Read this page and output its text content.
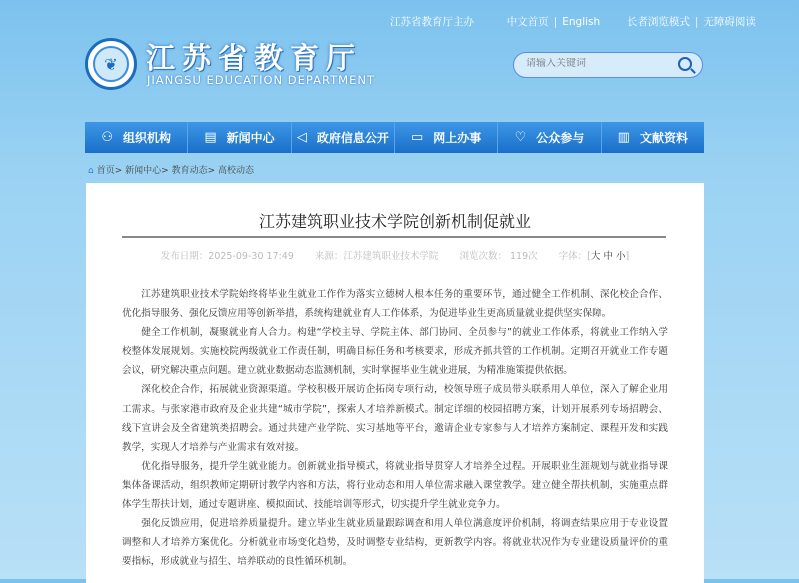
江苏省教育厅主办	中文首页 | English	长者浏览模式 | 无障碍阅读
❦ 江苏省教育厅
JIANGSU EDUCATION DEPARTMENT
请输入关键词
⚇ 组织机构	▤ 新闻中心 ◁ 政府信息公开 ▭ 网上办事	♡ 公众参与	▥ 文献资料
⌂ 首页> 新闻中心> 教育动态> 高校动态
江苏建筑职业技术学院创新机制促就业
发布日期：2025-09-30 17:49 来源：江苏建筑职业技术学院 浏览次数： 119次 字体：[大 中 小]

江苏建筑职业技术学院始终将毕业生就业工作作为落实立德树人根本任务的重要环节，通过健全工作机制、深化校企合作、优化指导服务、强化反馈应用等创新举措，系统构建就业育人工作体系，为促进毕业生更高质量就业提供坚实保障。

健全工作机制，凝聚就业育人合力。构建“学校主导、学院主体、部门协同、全员参与”的就业工作体系，将就业工作纳入学校整体发展规划。实施校院两级就业工作责任制，明确目标任务和考核要求，形成齐抓共管的工作机制。定期召开就业工作专题会议，研究解决重点问题。建立就业数据动态监测机制，实时掌握毕业生就业进展，为精准施策提供依据。

深化校企合作，拓展就业资源渠道。学校积极开展访企拓岗专项行动，校领导班子成员带头联系用人单位，深入了解企业用工需求。与张家港市政府及企业共建“城市学院”，探索人才培养新模式。制定详细的校园招聘方案，计划开展系列专场招聘会、线下宣讲会及全省建筑类招聘会。通过共建产业学院、实习基地等平台，邀请企业专家参与人才培养方案制定、课程开发和实践教学，实现人才培养与产业需求有效对接。

优化指导服务，提升学生就业能力。创新就业指导模式，将就业指导贯穿人才培养全过程。开展职业生涯规划与就业指导课集体备课活动，组织教师定期研讨教学内容和方法，将行业动态和用人单位需求融入课堂教学。建立健全帮扶机制，实施重点群体学生帮扶计划，通过专题讲座、模拟面试、技能培训等形式，切实提升学生就业竞争力。

强化反馈应用，促进培养质量提升。建立毕业生就业质量跟踪调查和用人单位满意度评价机制，将调查结果应用于专业设置调整和人才培养方案优化。分析就业市场变化趋势，及时调整专业结构，更新教学内容。将就业状况作为专业建设质量评价的重要指标，形成就业与招生、培养联动的良性循环机制。
